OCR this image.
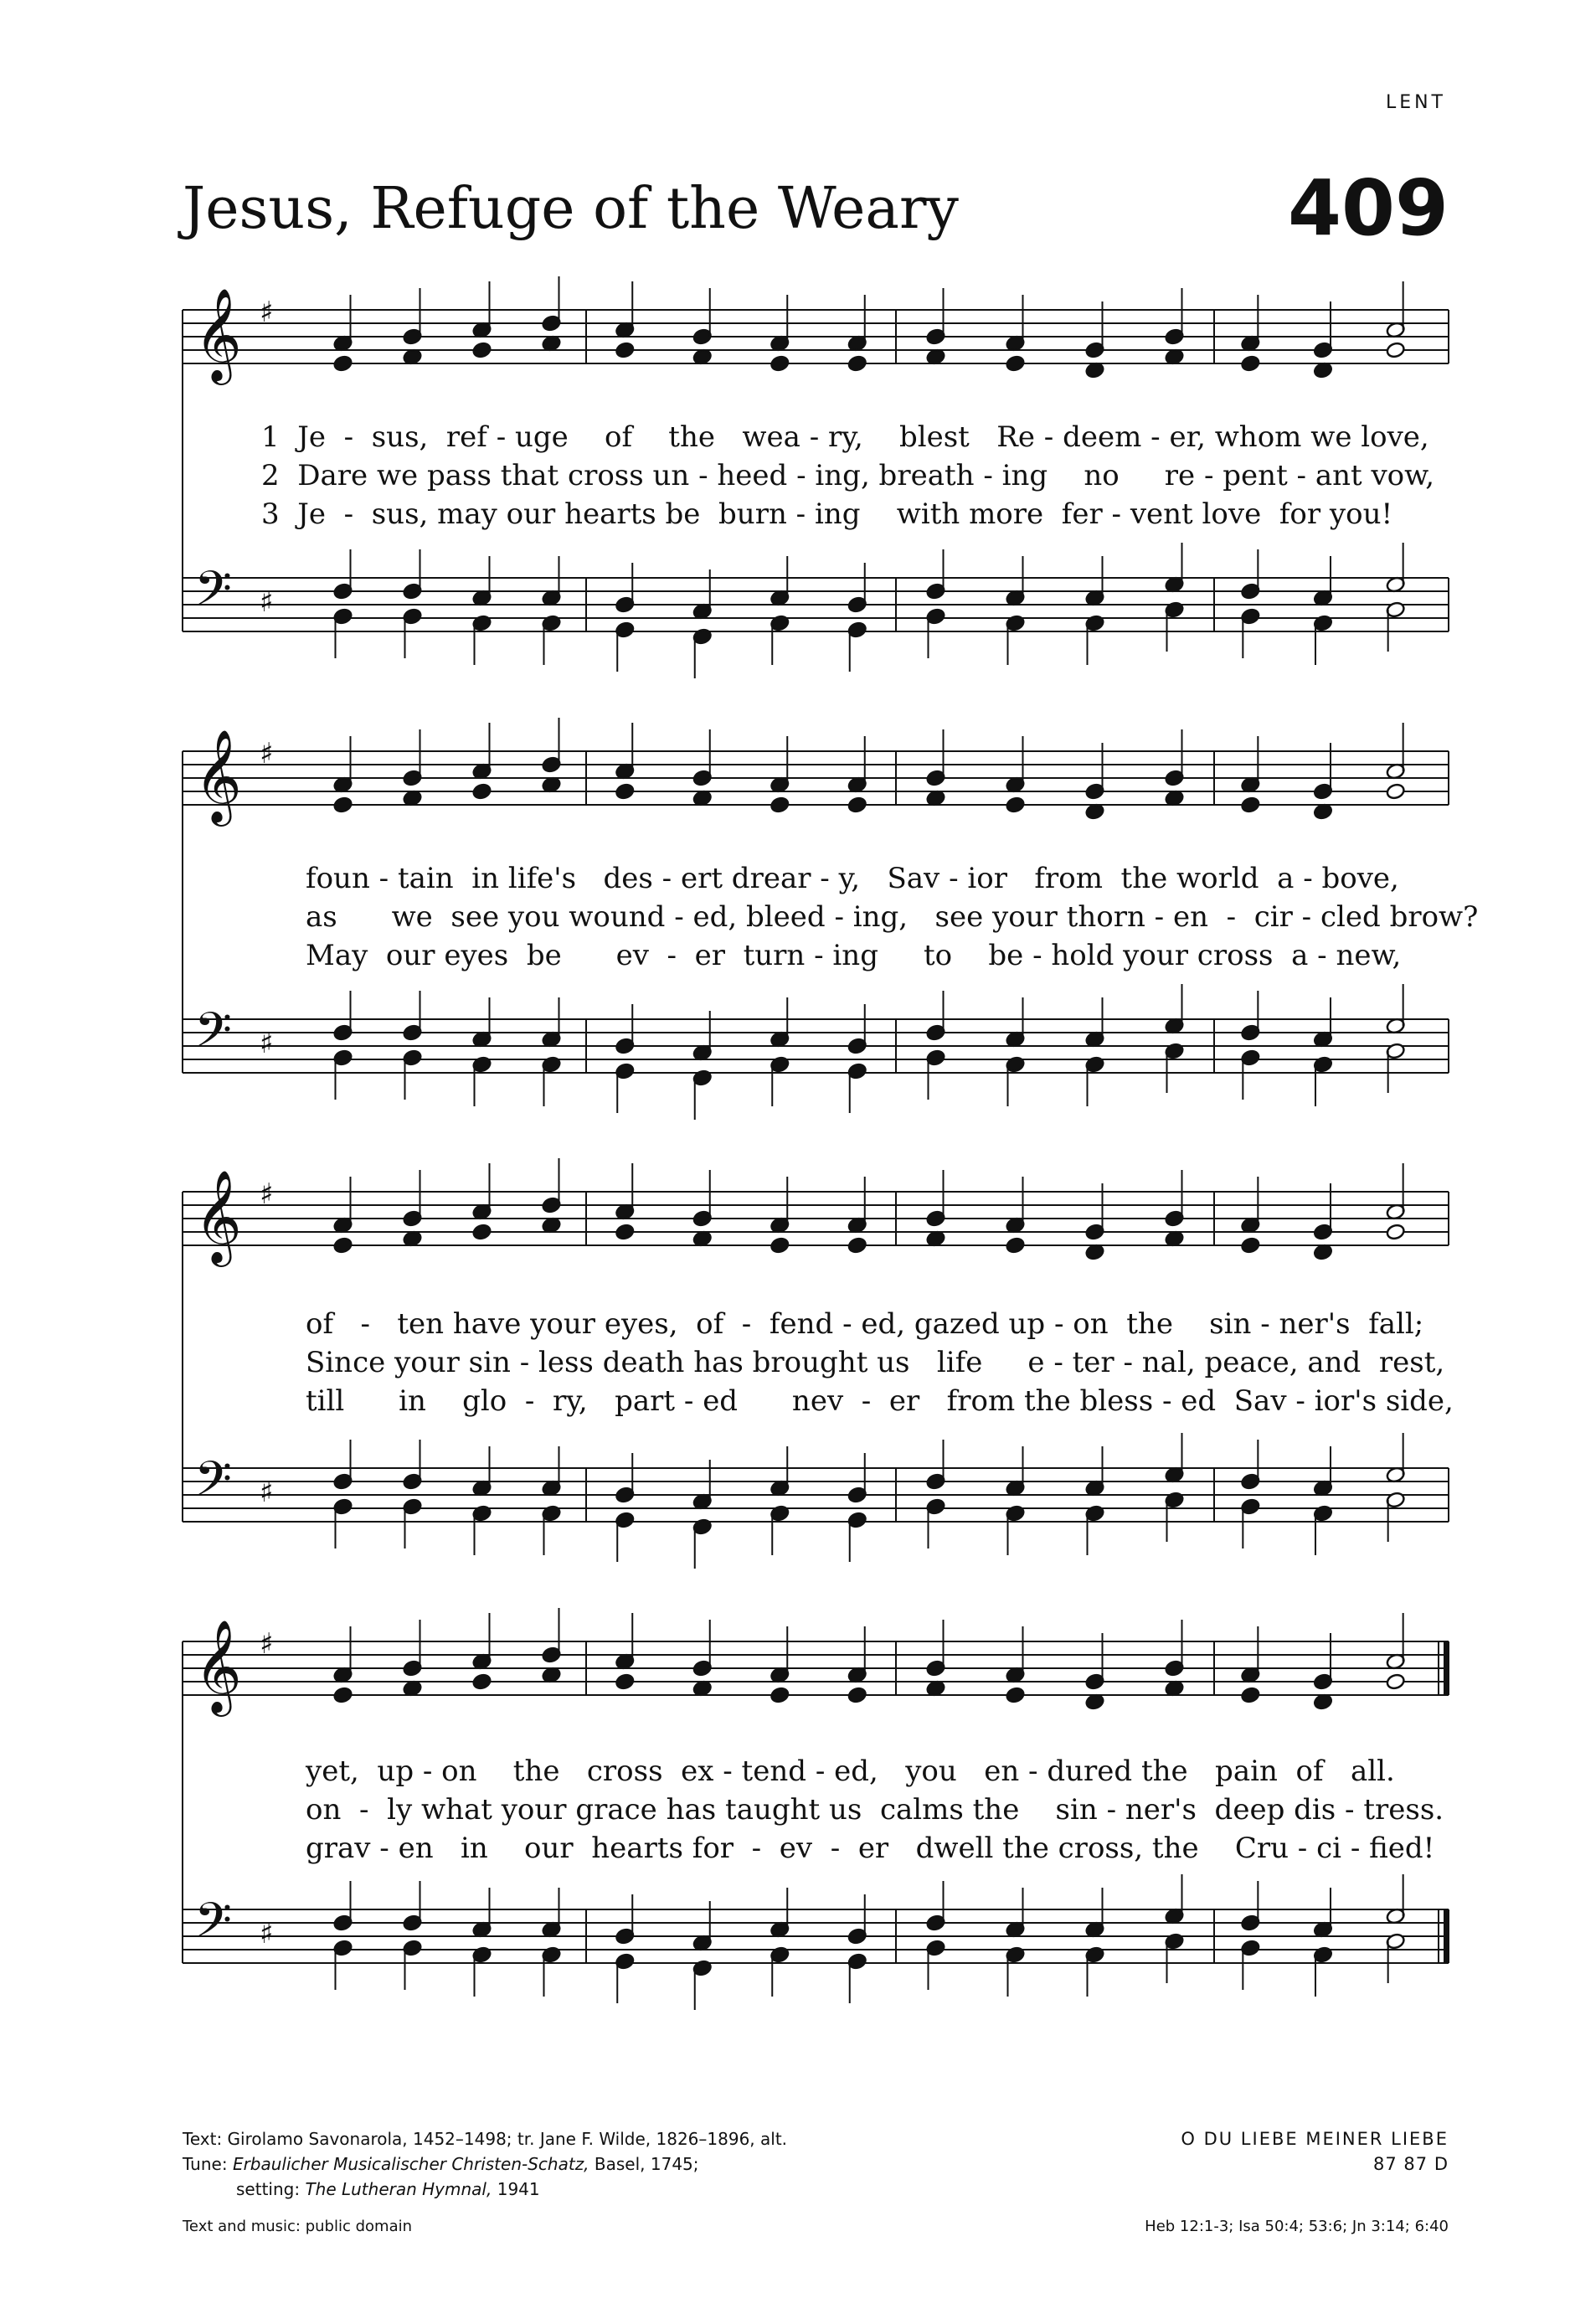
LENT
Jesus, Refuge of the Weary	409
𝄞 ♯
𝄢 ♯
1  Je  -  sus,  ref - uge    of    the   wea - ry,    blest   Re - deem - er, whom we love,
2  Dare we pass that cross un - heed - ing, breath - ing    no     re - pent - ant vow,
3  Je  -  sus, may our hearts be  burn - ing    with more  fer - vent love  for you!
𝄞 ♯
𝄢 ♯
foun - tain  in life's   des - ert drear - y,   Sav - ior   from  the world  a - bove,
as      we  see you wound - ed, bleed - ing,   see your thorn - en  -  cir - cled brow?
May  our eyes  be      ev  -  er  turn - ing     to    be - hold your cross  a - new,
𝄞 ♯
𝄢 ♯
of   -   ten have your eyes,  of  -  fend - ed, gazed up - on  the    sin - ner's  fall;
Since your sin - less death has brought us   life     e - ter - nal, peace, and  rest,
till      in    glo  -  ry,   part - ed      nev  -  er   from the bless - ed  Sav - ior's side,
𝄞 ♯
𝄢 ♯
yet,  up - on    the   cross  ex - tend - ed,   you   en - dured the   pain  of   all.
on  -  ly what your grace has taught us  calms the    sin - ner's  deep dis - tress.
grav - en   in    our  hearts for  -  ev  -  er   dwell the cross, the    Cru - ci - fied!
Text: Girolamo Savonarola, 1452–1498; tr. Jane F. Wilde, 1826–1896, alt.
Tune: Erbaulicher Musicalischer Christen-Schatz, Basel, 1745;
setting: The Lutheran Hymnal, 1941
Text and music: public domain
O DU LIEBE MEINER LIEBE
87 87 D
Heb 12:1-3; Isa 50:4; 53:6; Jn 3:14; 6:40
